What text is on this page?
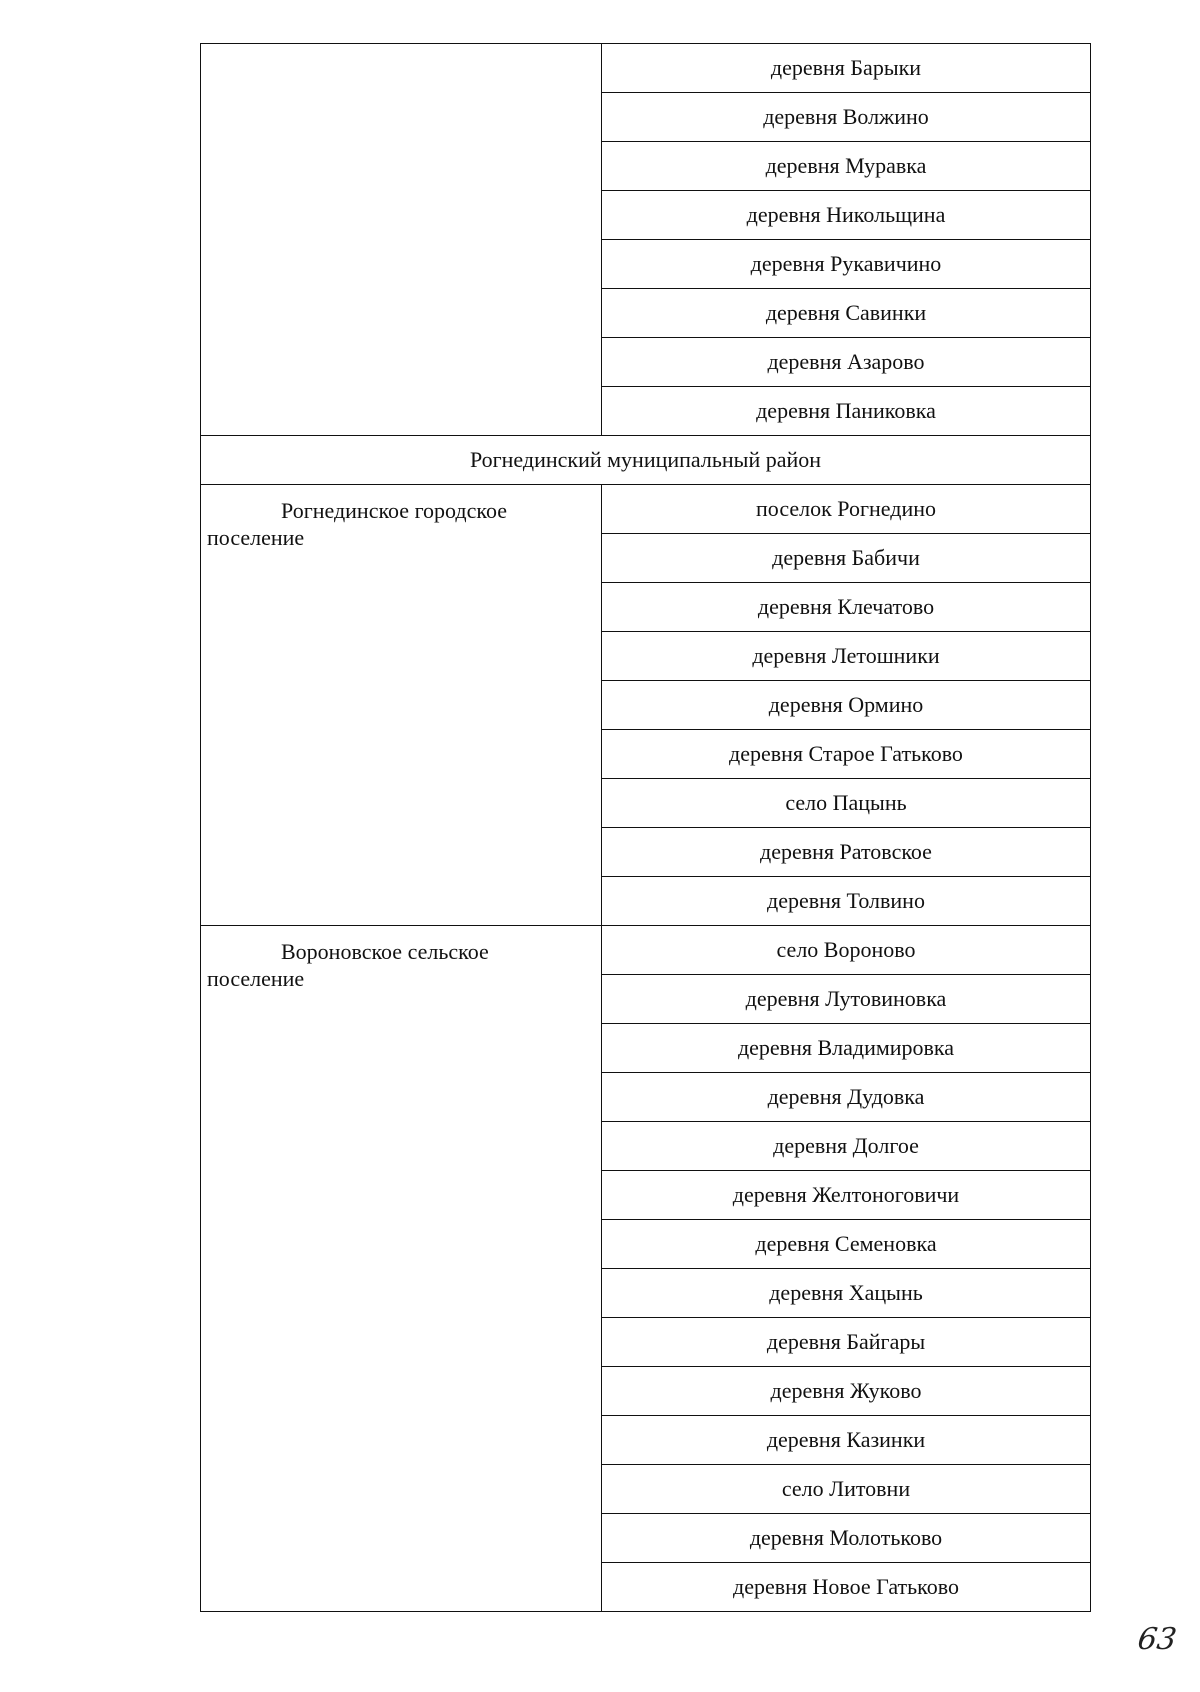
	деревня Барыки
	деревня Волжино
	деревня Муравка
	деревня Никольщина
	деревня Рукавичино
	деревня Савинки
	деревня Азарово
	деревня Паниковка
Рогнединский муниципальный район	
Рогнединское городское
поселение	поселок Рогнедино
	деревня Бабичи
	деревня Клечатово
	деревня Летошники
	деревня Ормино
	деревня Старое Гатьково
	село Пацынь
	деревня Ратовское
	деревня Толвино
Вороновское сельское
поселение	село Вороново
	деревня Лутовиновка
	деревня Владимировка
	деревня Дудовка
	деревня Долгое
	деревня Желтоноговичи
	деревня Семеновка
	деревня Хацынь
	деревня Байгары
	деревня Жуково
	деревня Казинки
	село Литовни
	деревня Молотьково
	деревня Новое Гатьково
63
